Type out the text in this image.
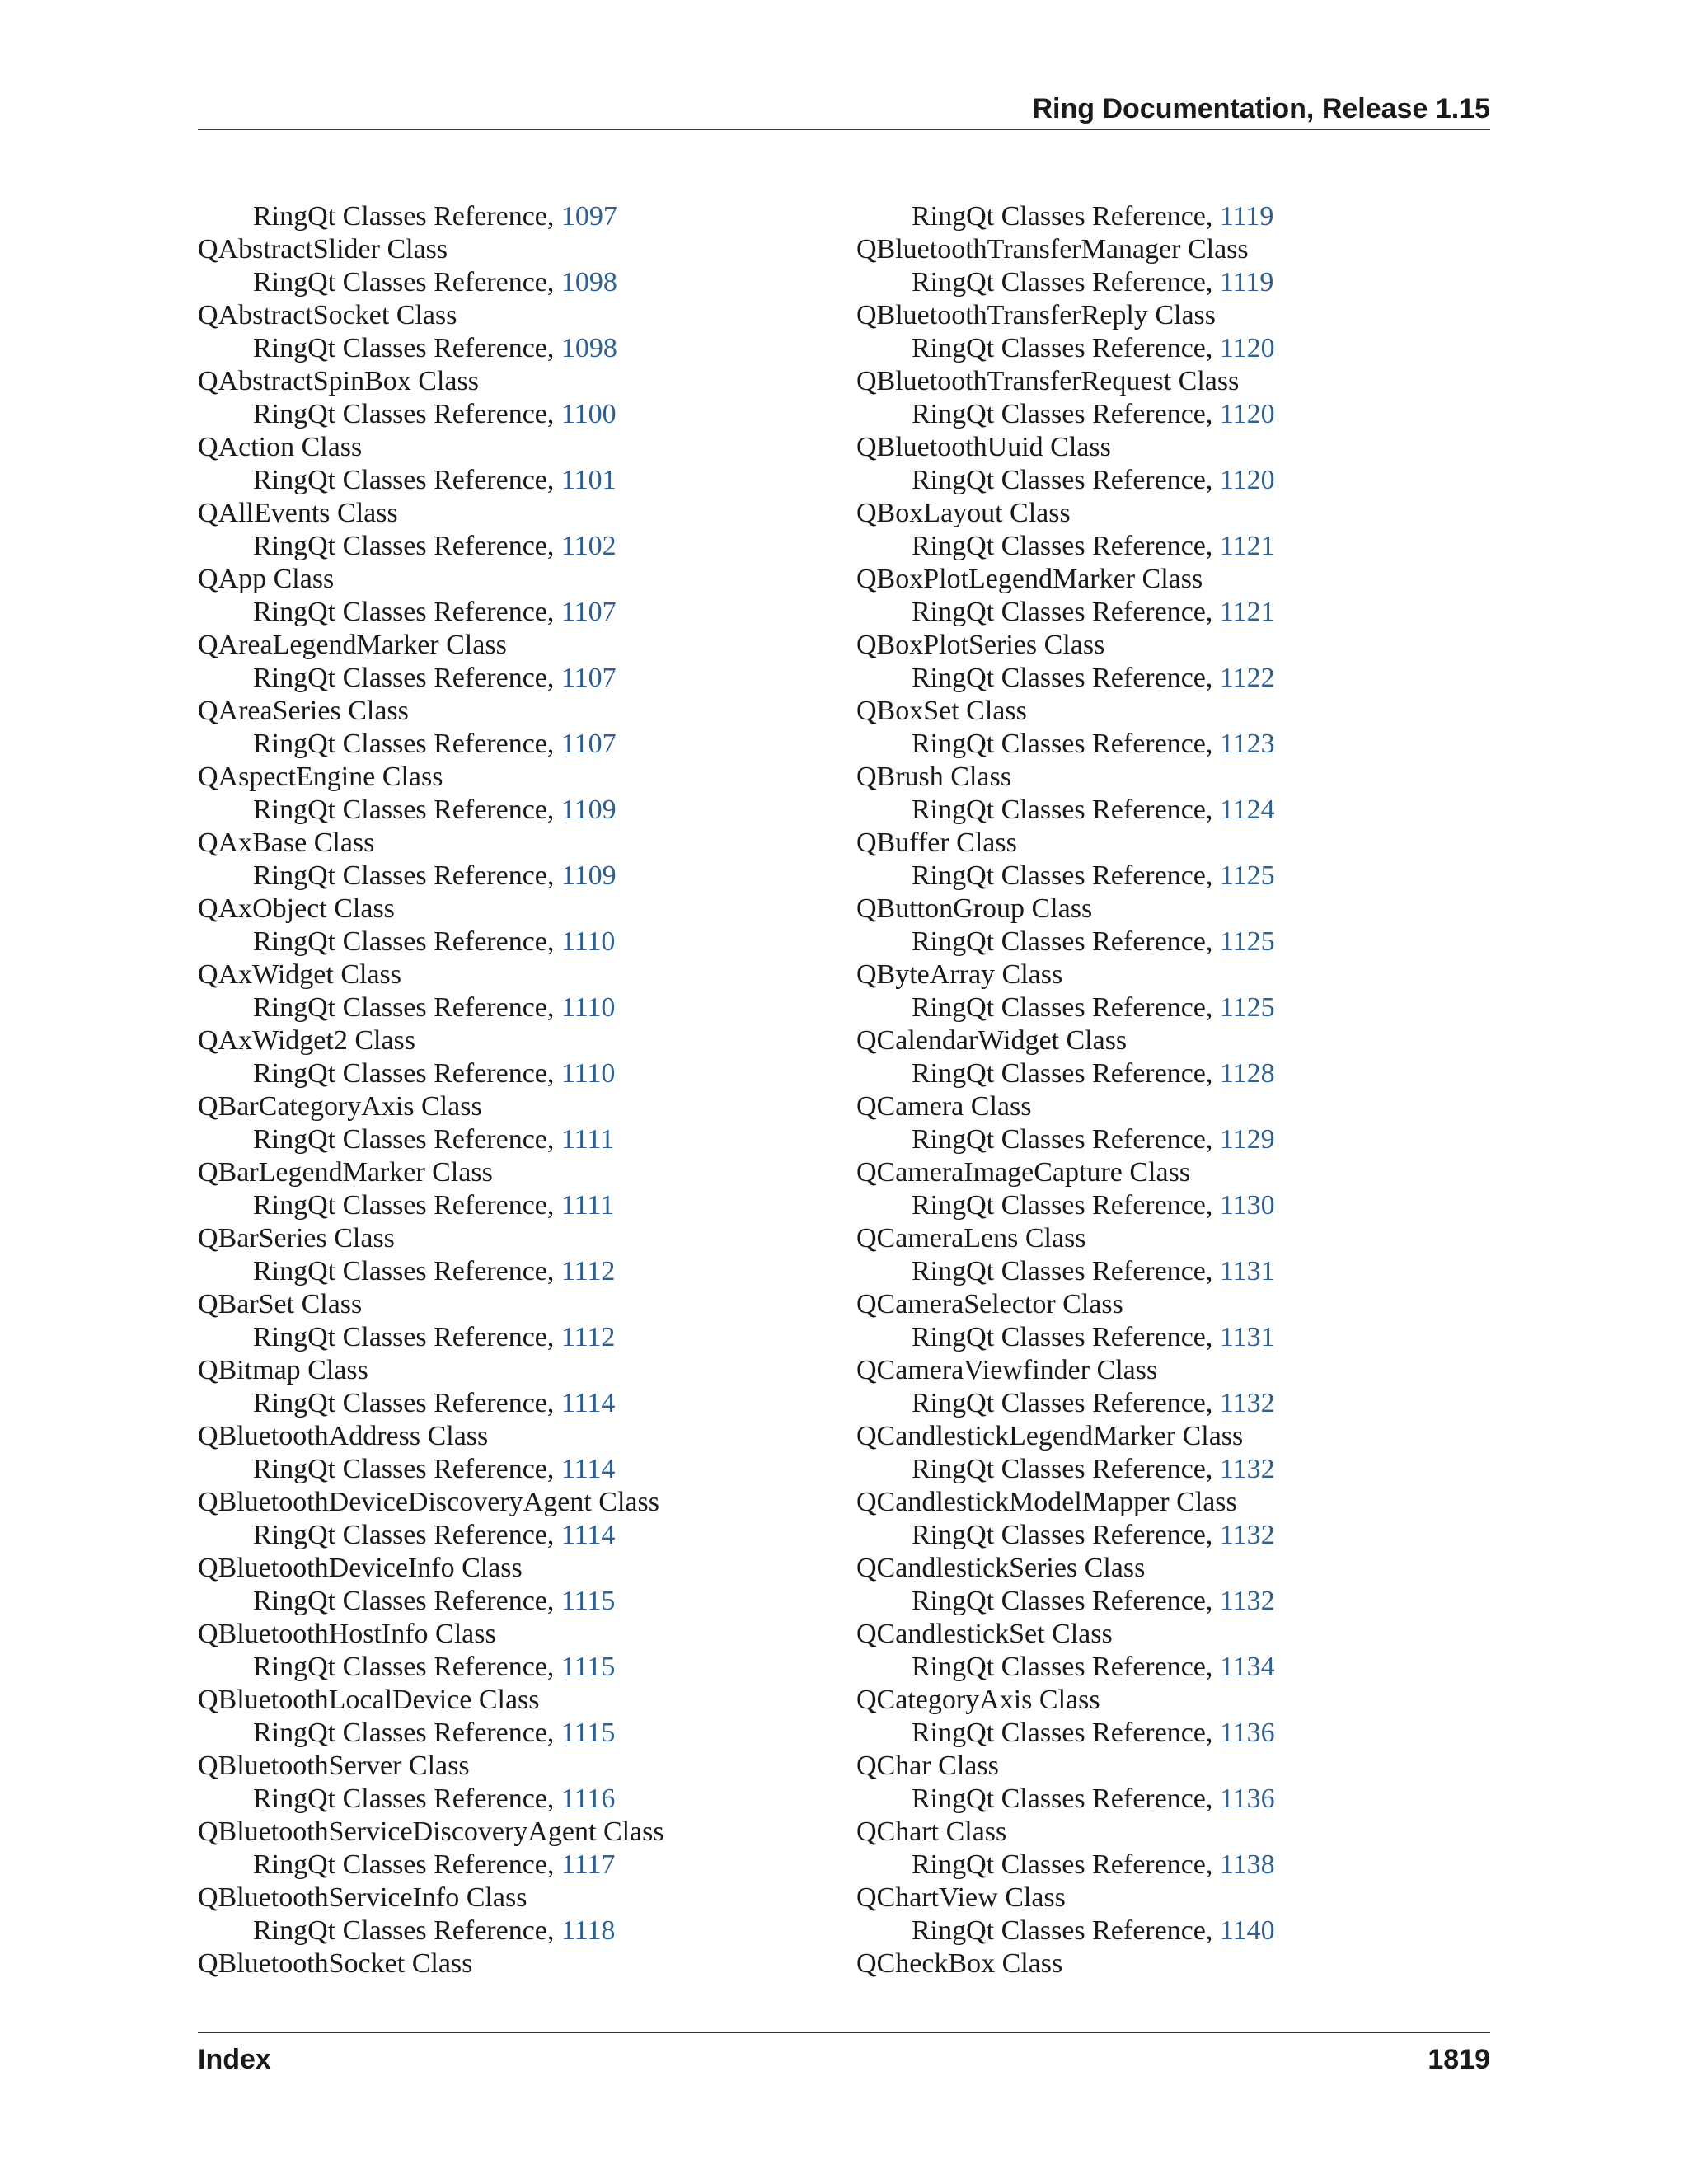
Ring Documentation, Release 1.15
RingQt Classes Reference, 1097
QAbstractSlider Class
RingQt Classes Reference, 1098
QAbstractSocket Class
RingQt Classes Reference, 1098
QAbstractSpinBox Class
RingQt Classes Reference, 1100
QAction Class
RingQt Classes Reference, 1101
QAllEvents Class
RingQt Classes Reference, 1102
QApp Class
RingQt Classes Reference, 1107
QAreaLegendMarker Class
RingQt Classes Reference, 1107
QAreaSeries Class
RingQt Classes Reference, 1107
QAspectEngine Class
RingQt Classes Reference, 1109
QAxBase Class
RingQt Classes Reference, 1109
QAxObject Class
RingQt Classes Reference, 1110
QAxWidget Class
RingQt Classes Reference, 1110
QAxWidget2 Class
RingQt Classes Reference, 1110
QBarCategoryAxis Class
RingQt Classes Reference, 1111
QBarLegendMarker Class
RingQt Classes Reference, 1111
QBarSeries Class
RingQt Classes Reference, 1112
QBarSet Class
RingQt Classes Reference, 1112
QBitmap Class
RingQt Classes Reference, 1114
QBluetoothAddress Class
RingQt Classes Reference, 1114
QBluetoothDeviceDiscoveryAgent Class
RingQt Classes Reference, 1114
QBluetoothDeviceInfo Class
RingQt Classes Reference, 1115
QBluetoothHostInfo Class
RingQt Classes Reference, 1115
QBluetoothLocalDevice Class
RingQt Classes Reference, 1115
QBluetoothServer Class
RingQt Classes Reference, 1116
QBluetoothServiceDiscoveryAgent Class
RingQt Classes Reference, 1117
QBluetoothServiceInfo Class
RingQt Classes Reference, 1118
QBluetoothSocket Class
RingQt Classes Reference, 1119
QBluetoothTransferManager Class
RingQt Classes Reference, 1119
QBluetoothTransferReply Class
RingQt Classes Reference, 1120
QBluetoothTransferRequest Class
RingQt Classes Reference, 1120
QBluetoothUuid Class
RingQt Classes Reference, 1120
QBoxLayout Class
RingQt Classes Reference, 1121
QBoxPlotLegendMarker Class
RingQt Classes Reference, 1121
QBoxPlotSeries Class
RingQt Classes Reference, 1122
QBoxSet Class
RingQt Classes Reference, 1123
QBrush Class
RingQt Classes Reference, 1124
QBuffer Class
RingQt Classes Reference, 1125
QButtonGroup Class
RingQt Classes Reference, 1125
QByteArray Class
RingQt Classes Reference, 1125
QCalendarWidget Class
RingQt Classes Reference, 1128
QCamera Class
RingQt Classes Reference, 1129
QCameraImageCapture Class
RingQt Classes Reference, 1130
QCameraLens Class
RingQt Classes Reference, 1131
QCameraSelector Class
RingQt Classes Reference, 1131
QCameraViewfinder Class
RingQt Classes Reference, 1132
QCandlestickLegendMarker Class
RingQt Classes Reference, 1132
QCandlestickModelMapper Class
RingQt Classes Reference, 1132
QCandlestickSeries Class
RingQt Classes Reference, 1132
QCandlestickSet Class
RingQt Classes Reference, 1134
QCategoryAxis Class
RingQt Classes Reference, 1136
QChar Class
RingQt Classes Reference, 1136
QChart Class
RingQt Classes Reference, 1138
QChartView Class
RingQt Classes Reference, 1140
QCheckBox Class
Index	1819
